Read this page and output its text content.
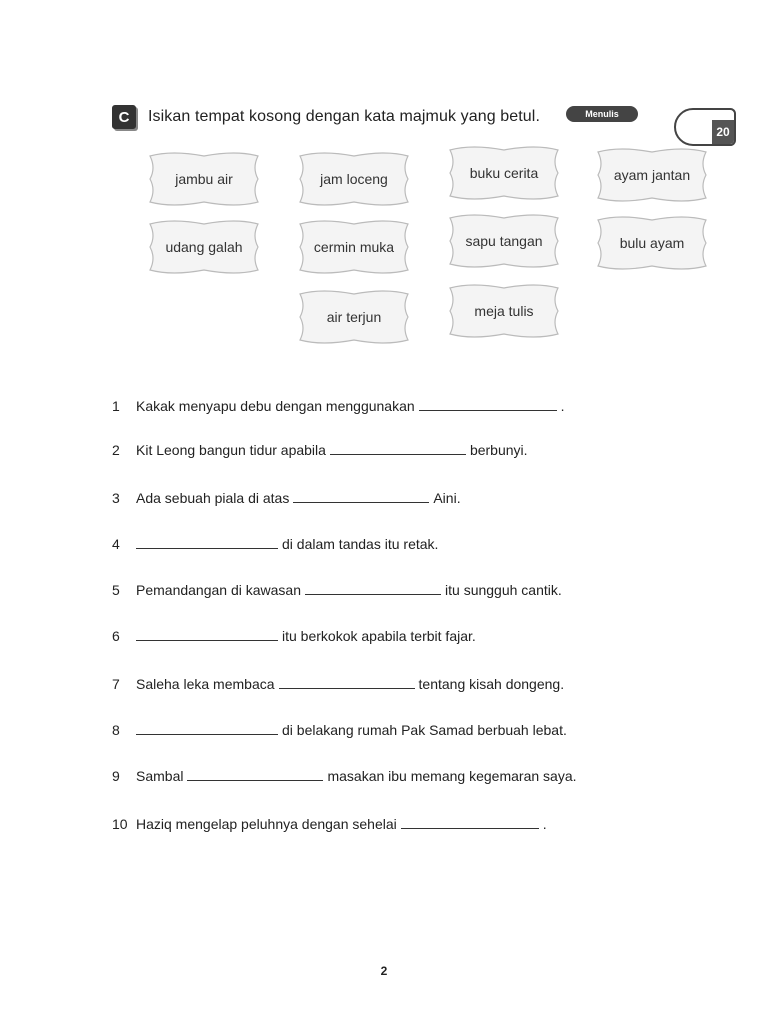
C	Isikan tempat kosong dengan kata majmuk yang betul.	Menulis
20
jambu air	jam loceng	buku cerita	ayam jantan
udang galah	cermin muka	sapu tangan	bulu ayam
air terjun	meja tulis
1	Kakak menyapu debu dengan menggunakan	.
2	Kit Leong bangun tidur apabila	berbunyi.
3	Ada sebuah piala di atas	Aini.
4	di dalam tandas itu retak.
5	Pemandangan di kawasan	itu sungguh cantik.
6	itu berkokok apabila terbit fajar.
7	Saleha leka membaca	tentang kisah dongeng.
8	di belakang rumah Pak Samad berbuah lebat.
9	Sambal	masakan ibu memang kegemaran saya.
10 Haziq mengelap peluhnya dengan sehelai	.
2
